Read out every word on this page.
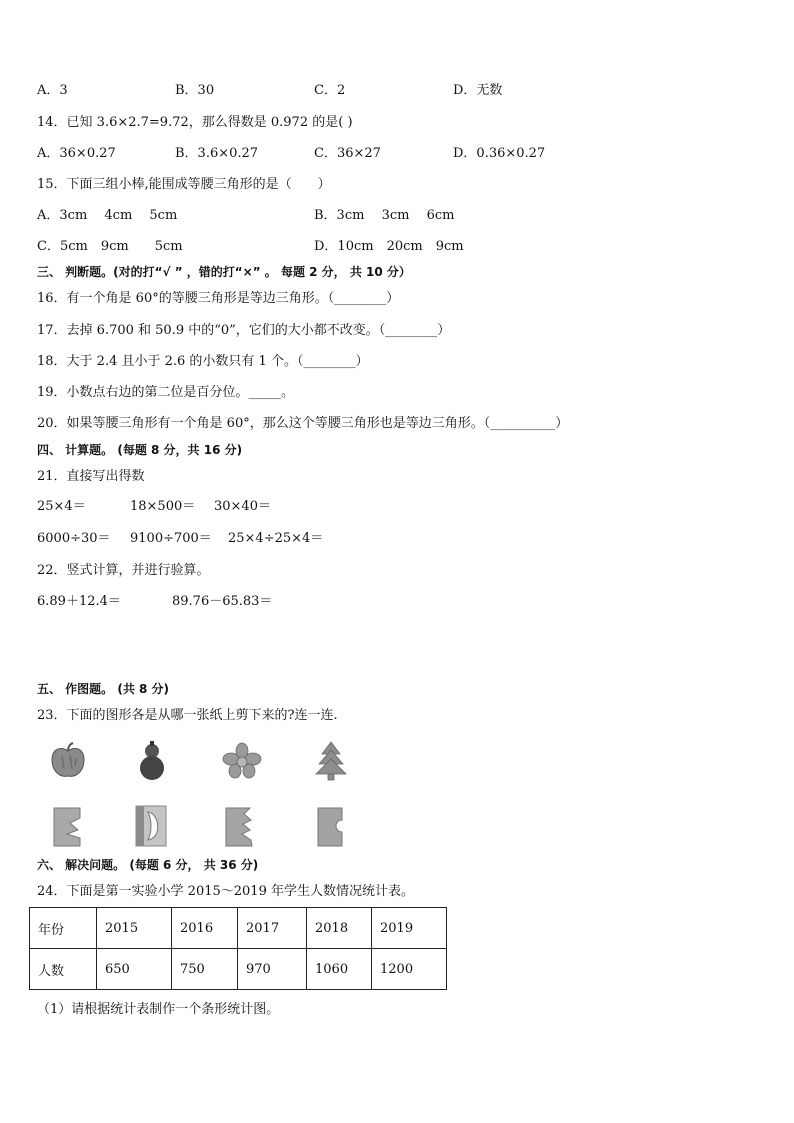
A．3	B．30	C．2	D．无数
14．已知 3.6×2.7=9.72，那么得数是 0.972 的是( )
A．36×0.27	B．3.6×0.27	C．36×27	D．0.36×0.27
15．下面三组小棒,能围成等腰三角形的是（　　）
A．3cm　 4cm　 5cm	B．3cm　 3cm　 6cm
C．5cm　9cm　　5cm	D．10cm　20cm　9cm
三、 判断题。(对的打“√ ” ，错的打“×” 。 每题 2 分， 共 10 分）
16．有一个角是 60°的等腰三角形是等边三角形。（________）
17．去掉 6.700 和 50.9 中的“0”，它们的大小都不改变。（________）
18．大于 2.4 且小于 2.6 的小数只有 1 个。（________）
19．小数点右边的第二位是百分位。_____。
20．如果等腰三角形有一个角是 60°，那么这个等腰三角形也是等边三角形。（__________）
四、 计算题。 (每题 8 分，共 16 分)
21．直接写出得数
25×4＝	18×500＝ 30×40＝
6000÷30＝ 9100÷700＝ 25×4÷25×4＝
22．竖式计算，并进行验算。
6.89＋12.4＝	89.76－65.83＝
五、 作图题。 (共 8 分)
23．下面的图形各是从哪一张纸上剪下来的?连一连.
六、 解决问题。 (每题 6 分， 共 36 分)
24．下面是第一实验小学 2015～2019 年学生人数情况统计表。
年份	2015	2016	2017	2018	2019
人数	650	750	970	1060	1200
（1）请根据统计表制作一个条形统计图。
